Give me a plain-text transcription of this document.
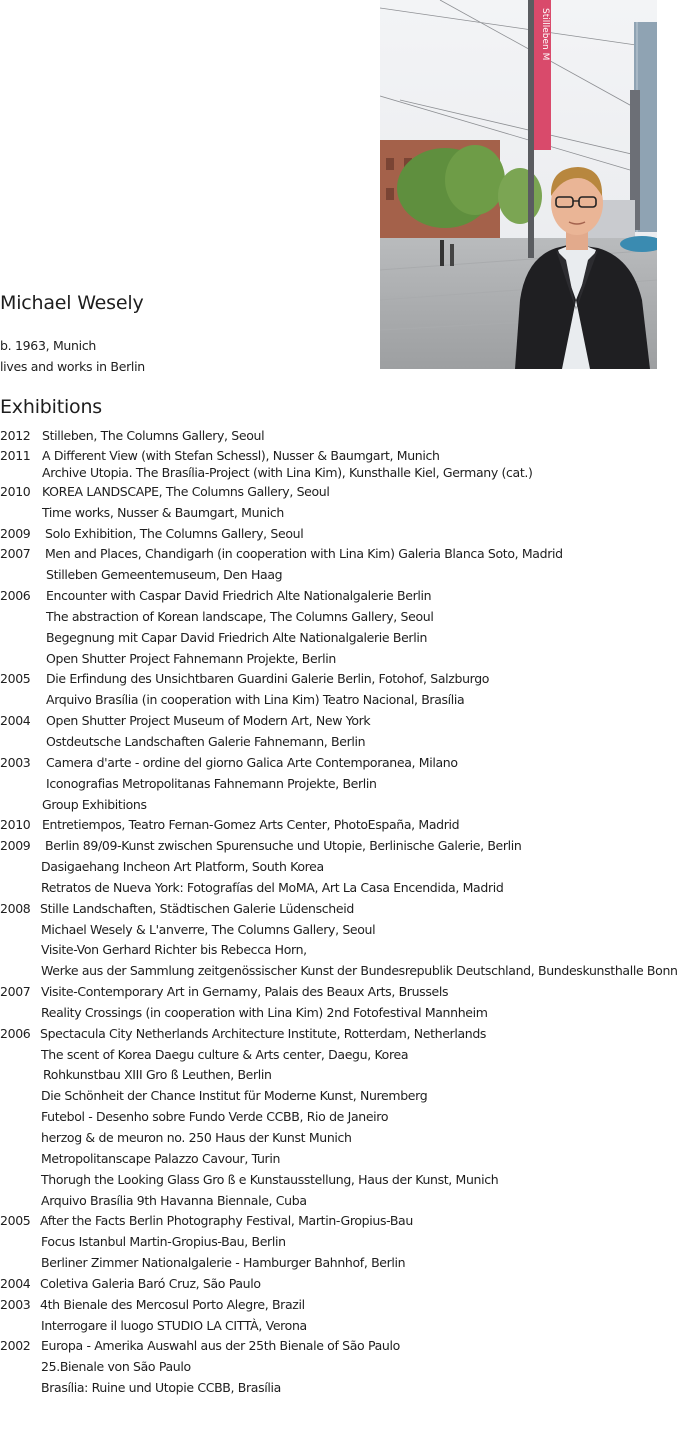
Stillleben M
Michael Wesely
b. 1963, Munich
lives and works in Berlin
Exhibitions
2012 Stilleben, The Columns Gallery, Seoul
2011 A Different View (with Stefan Schessl), Nusser & Baumgart, Munich
Archive Utopia. The Brasília-Project (with Lina Kim), Kunsthalle Kiel, Germany (cat.)
2010 KOREA LANDSCAPE, The Columns Gallery, Seoul
Time works, Nusser & Baumgart, Munich
2009 Solo Exhibition, The Columns Gallery, Seoul
2007 Men and Places, Chandigarh (in cooperation with Lina Kim) Galeria Blanca Soto, Madrid
Stilleben Gemeentemuseum, Den Haag
2006 Encounter with Caspar David Friedrich Alte Nationalgalerie Berlin
The abstraction of Korean landscape, The Columns Gallery, Seoul
Begegnung mit Capar David Friedrich Alte Nationalgalerie Berlin
Open Shutter Project Fahnemann Projekte, Berlin
2005 Die Erfindung des Unsichtbaren Guardini Galerie Berlin, Fotohof, Salzburgo
Arquivo Brasília (in cooperation with Lina Kim) Teatro Nacional, Brasília
2004 Open Shutter Project Museum of Modern Art, New York
Ostdeutsche Landschaften Galerie Fahnemann, Berlin
2003 Camera d'arte - ordine del giorno Galica Arte Contemporanea, Milano
Iconografias Metropolitanas Fahnemann Projekte, Berlin
Group Exhibitions
2010 Entretiempos, Teatro Fernan-Gomez Arts Center, PhotoEspaña, Madrid
2009 Berlin 89/09-Kunst zwischen Spurensuche und Utopie, Berlinische Galerie, Berlin
Dasigaehang Incheon Art Platform, South Korea
Retratos de Nueva York: Fotografías del MoMA, Art La Casa Encendida, Madrid
2008 Stille Landschaften, Städtischen Galerie Lüdenscheid
Michael Wesely & L'anverre, The Columns Gallery, Seoul
Visite-Von Gerhard Richter bis Rebecca Horn,
Werke aus der Sammlung zeitgenössischer Kunst der Bundesrepublik Deutschland, Bundeskunsthalle Bonn
2007 Visite-Contemporary Art in Gernamy, Palais des Beaux Arts, Brussels
Reality Crossings (in cooperation with Lina Kim) 2nd Fotofestival Mannheim
2006 Spectacula City Netherlands Architecture Institute, Rotterdam, Netherlands
The scent of Korea Daegu culture & Arts center, Daegu, Korea
Rohkunstbau XIII Gro ß Leuthen, Berlin
Die Schönheit der Chance Institut für Moderne Kunst, Nuremberg
Futebol - Desenho sobre Fundo Verde CCBB, Rio de Janeiro
herzog & de meuron no. 250 Haus der Kunst Munich
Metropolitanscape Palazzo Cavour, Turin
Thorugh the Looking Glass Gro ß e Kunstausstellung, Haus der Kunst, Munich
Arquivo Brasília 9th Havanna Biennale, Cuba
2005 After the Facts Berlin Photography Festival, Martin-Gropius-Bau
Focus Istanbul Martin-Gropius-Bau, Berlin
Berliner Zimmer Nationalgalerie - Hamburger Bahnhof, Berlin
2004 Coletiva Galeria Baró Cruz, São Paulo
2003 4th Bienale des Mercosul Porto Alegre, Brazil
Interrogare il luogo STUDIO LA CITTÀ, Verona
2002 Europa - Amerika Auswahl aus der 25th Bienale of São Paulo
25.Bienale von São Paulo
Brasília: Ruine und Utopie CCBB, Brasília
